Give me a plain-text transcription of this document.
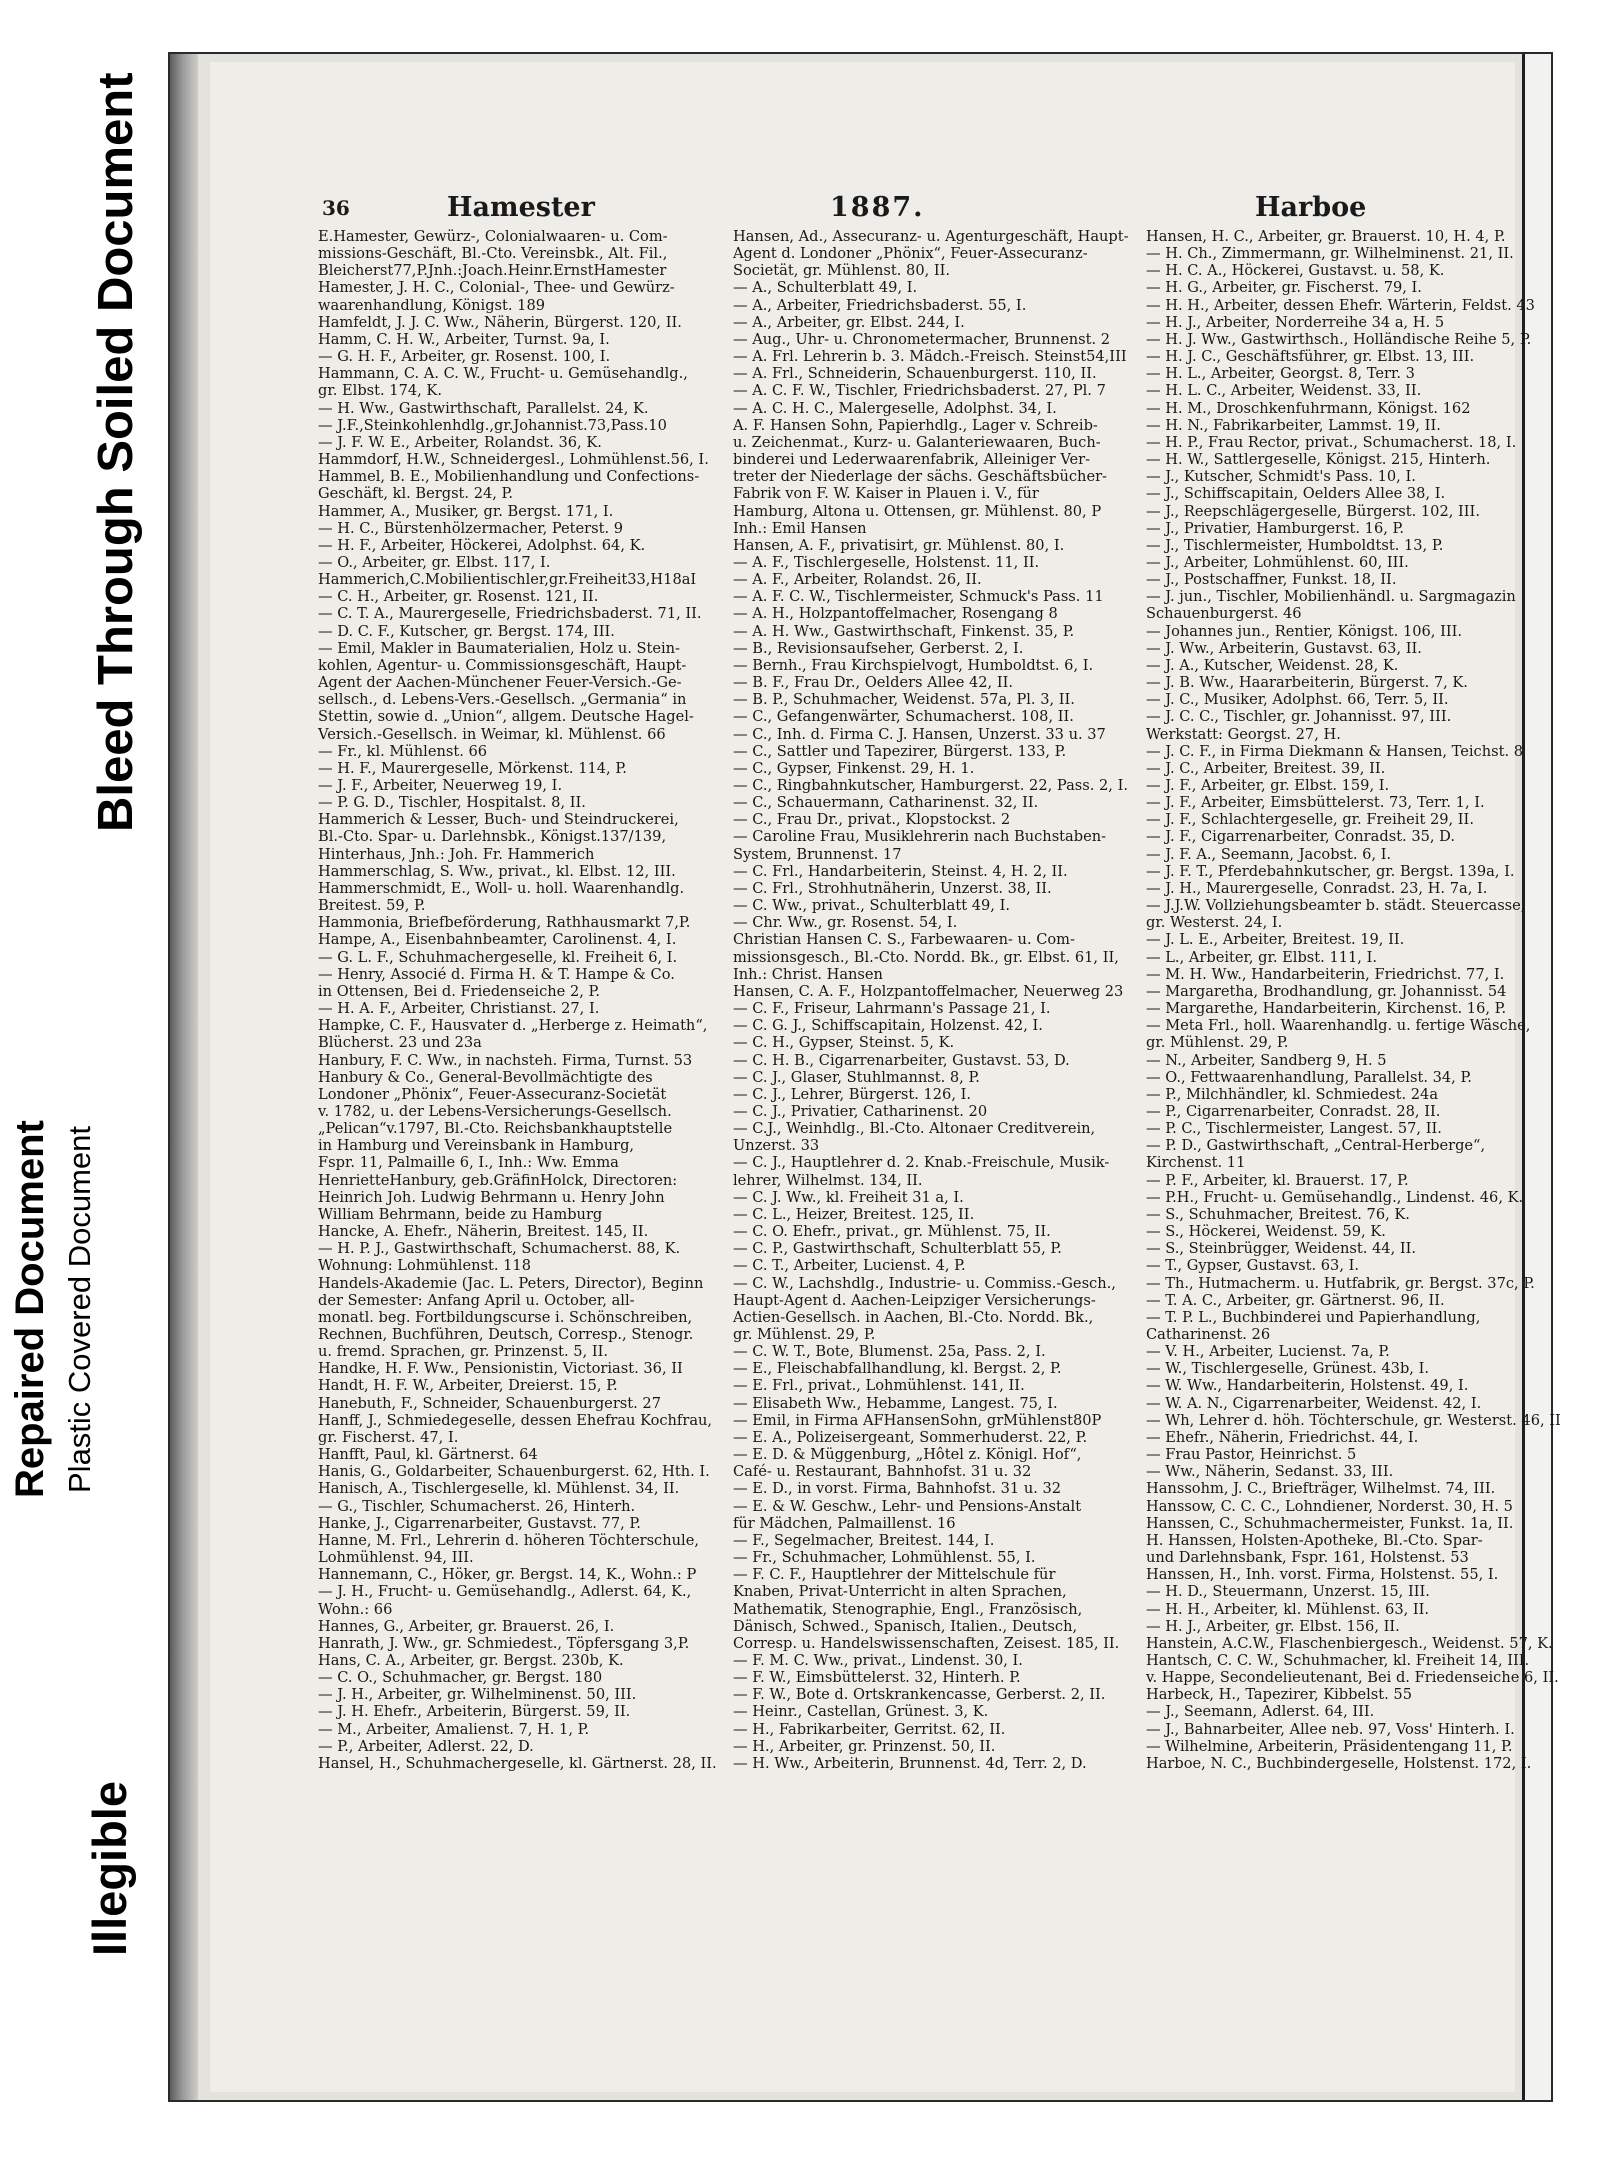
36	Hamester	1887.	Harboe
E.Hamester, Gewürz-, Colonialwaaren- u. Com-
missions-Geschäft, Bl.-Cto. Vereinsbk., Alt. Fil.,
Bleicherst77,P.Jnh.:Joach.Heinr.ErnstHamester
Hamester, J. H. C., Colonial-, Thee- und Gewürz-
waarenhandlung, Königst. 189
Hamfeldt, J. J. C. Ww., Näherin, Bürgerst. 120, II.
Hamm, C. H. W., Arbeiter, Turnst. 9a, I.
— G. H. F., Arbeiter, gr. Rosenst. 100, I.
Hammann, C. A. C. W., Frucht- u. Gemüsehandlg.,
gr. Elbst. 174, K.
— H. Ww., Gastwirthschaft, Parallelst. 24, K.
— J.F.,Steinkohlenhdlg.,gr.Johannist.73,Pass.10
— J. F. W. E., Arbeiter, Rolandst. 36, K.
Hammdorf, H.W., Schneidergesl., Lohmühlenst.56, I.
Hammel, B. E., Mobilienhandlung und Confections-
Geschäft, kl. Bergst. 24, P.
Hammer, A., Musiker, gr. Bergst. 171, I.
— H. C., Bürstenhölzermacher, Peterst. 9
— H. F., Arbeiter, Höckerei, Adolphst. 64, K.
— O., Arbeiter, gr. Elbst. 117, I.
Hammerich,C.Mobilientischler,gr.Freiheit33,H18aI
— C. H., Arbeiter, gr. Rosenst. 121, II.
— C. T. A., Maurergeselle, Friedrichsbaderst. 71, II.
— D. C. F., Kutscher, gr. Bergst. 174, III.
— Emil, Makler in Baumaterialien, Holz u. Stein-
kohlen, Agentur- u. Commissionsgeschäft, Haupt-
Agent der Aachen-Münchener Feuer-Versich.-Ge-
sellsch., d. Lebens-Vers.-Gesellsch. „Germania“ in
Stettin, sowie d. „Union“, allgem. Deutsche Hagel-
Versich.-Gesellsch. in Weimar, kl. Mühlenst. 66
— Fr., kl. Mühlenst. 66
— H. F., Maurergeselle, Mörkenst. 114, P.
— J. F., Arbeiter, Neuerweg 19, I.
— P. G. D., Tischler, Hospitalst. 8, II.
Hammerich & Lesser, Buch- und Steindruckerei,
Bl.-Cto. Spar- u. Darlehnsbk., Königst.137/139,
Hinterhaus, Jnh.: Joh. Fr. Hammerich
Hammerschlag, S. Ww., privat., kl. Elbst. 12, III.
Hammerschmidt, E., Woll- u. holl. Waarenhandlg.
Breitest. 59, P.
Hammonia, Briefbeförderung, Rathhausmarkt 7,P.
Hampe, A., Eisenbahnbeamter, Carolinenst. 4, I.
— G. L. F., Schuhmachergeselle, kl. Freiheit 6, I.
— Henry, Associé d. Firma H. & T. Hampe & Co.
in Ottensen, Bei d. Friedenseiche 2, P.
— H. A. F., Arbeiter, Christianst. 27, I.
Hampke, C. F., Hausvater d. „Herberge z. Heimath“,
Blücherst. 23 und 23a
Hanbury, F. C. Ww., in nachsteh. Firma, Turnst. 53
Hanbury & Co., General-Bevollmächtigte des
Londoner „Phönix“, Feuer-Assecuranz-Societät
v. 1782, u. der Lebens-Versicherungs-Gesellsch.
„Pelican“v.1797, Bl.-Cto. Reichsbankhauptstelle
in Hamburg und Vereinsbank in Hamburg,
Fspr. 11, Palmaille 6, I., Inh.: Ww. Emma
HenrietteHanbury, geb.GräfinHolck, Directoren:
Heinrich Joh. Ludwig Behrmann u. Henry John
William Behrmann, beide zu Hamburg
Hancke, A. Ehefr., Näherin, Breitest. 145, II.
— H. P. J., Gastwirthschaft, Schumacherst. 88, K.
Wohnung: Lohmühlenst. 118
Handels-Akademie (Jac. L. Peters, Director), Beginn
der Semester: Anfang April u. October, all-
monatl. beg. Fortbildungscurse i. Schönschreiben,
Rechnen, Buchführen, Deutsch, Corresp., Stenogr.
u. fremd. Sprachen, gr. Prinzenst. 5, II.
Handke, H. F. Ww., Pensionistin, Victoriast. 36, II
Handt, H. F. W., Arbeiter, Dreierst. 15, P.
Hanebuth, F., Schneider, Schauenburgerst. 27
Hanff, J., Schmiedegeselle, dessen Ehefrau Kochfrau,
gr. Fischerst. 47, I.
Hanfft, Paul, kl. Gärtnerst. 64
Hanis, G., Goldarbeiter, Schauenburgerst. 62, Hth. I.
Hanisch, A., Tischlergeselle, kl. Mühlenst. 34, II.
— G., Tischler, Schumacherst. 26, Hinterh.
Hanke, J., Cigarrenarbeiter, Gustavst. 77, P.
Hanne, M. Frl., Lehrerin d. höheren Töchterschule,
Lohmühlenst. 94, III.
Hannemann, C., Höker, gr. Bergst. 14, K., Wohn.: P
— J. H., Frucht- u. Gemüsehandlg., Adlerst. 64, K.,
Wohn.: 66
Hannes, G., Arbeiter, gr. Brauerst. 26, I.
Hanrath, J. Ww., gr. Schmiedest., Töpfersgang 3,P.
Hans, C. A., Arbeiter, gr. Bergst. 230b, K.
— C. O., Schuhmacher, gr. Bergst. 180
— J. H., Arbeiter, gr. Wilhelminenst. 50, III.
— J. H. Ehefr., Arbeiterin, Bürgerst. 59, II.
— M., Arbeiter, Amalienst. 7, H. 1, P.
— P., Arbeiter, Adlerst. 22, D.
Hansel, H., Schuhmachergeselle, kl. Gärtnerst. 28, II.
Hansen, Ad., Assecuranz- u. Agenturgeschäft, Haupt-
Agent d. Londoner „Phönix“, Feuer-Assecuranz-
Societät, gr. Mühlenst. 80, II.
— A., Schulterblatt 49, I.
— A., Arbeiter, Friedrichsbaderst. 55, I.
— A., Arbeiter, gr. Elbst. 244, I.
— Aug., Uhr- u. Chronometermacher, Brunnenst. 2
— A. Frl. Lehrerin b. 3. Mädch.-Freisch. Steinst54,III
— A. Frl., Schneiderin, Schauenburgerst. 110, II.
— A. C. F. W., Tischler, Friedrichsbaderst. 27, Pl. 7
— A. C. H. C., Malergeselle, Adolphst. 34, I.
A. F. Hansen Sohn, Papierhdlg., Lager v. Schreib-
u. Zeichenmat., Kurz- u. Galanteriewaaren, Buch-
binderei und Lederwaarenfabrik, Alleiniger Ver-
treter der Niederlage der sächs. Geschäftsbücher-
Fabrik von F. W. Kaiser in Plauen i. V., für
Hamburg, Altona u. Ottensen, gr. Mühlenst. 80, P
Inh.: Emil Hansen
Hansen, A. F., privatisirt, gr. Mühlenst. 80, I.
— A. F., Tischlergeselle, Holstenst. 11, II.
— A. F., Arbeiter, Rolandst. 26, II.
— A. F. C. W., Tischlermeister, Schmuck's Pass. 11
— A. H., Holzpantoffelmacher, Rosengang 8
— A. H. Ww., Gastwirthschaft, Finkenst. 35, P.
— B., Revisionsaufseher, Gerberst. 2, I.
— Bernh., Frau Kirchspielvogt, Humboldtst. 6, I.
— B. F., Frau Dr., Oelders Allee 42, II.
— B. P., Schuhmacher, Weidenst. 57a, Pl. 3, II.
— C., Gefangenwärter, Schumacherst. 108, II.
— C., Inh. d. Firma C. J. Hansen, Unzerst. 33 u. 37
— C., Sattler und Tapezirer, Bürgerst. 133, P.
— C., Gypser, Finkenst. 29, H. 1.
— C., Ringbahnkutscher, Hamburgerst. 22, Pass. 2, I.
— C., Schauermann, Catharinenst. 32, II.
— C., Frau Dr., privat., Klopstockst. 2
— Caroline Frau, Musiklehrerin nach Buchstaben-
System, Brunnenst. 17
— C. Frl., Handarbeiterin, Steinst. 4, H. 2, II.
— C. Frl., Strohhutnäherin, Unzerst. 38, II.
— C. Ww., privat., Schulterblatt 49, I.
— Chr. Ww., gr. Rosenst. 54, I.
Christian Hansen C. S., Farbewaaren- u. Com-
missionsgesch., Bl.-Cto. Nordd. Bk., gr. Elbst. 61, II,
Inh.: Christ. Hansen
Hansen, C. A. F., Holzpantoffelmacher, Neuerweg 23
— C. F., Friseur, Lahrmann's Passage 21, I.
— C. G. J., Schiffscapitain, Holzenst. 42, I.
— C. H., Gypser, Steinst. 5, K.
— C. H. B., Cigarrenarbeiter, Gustavst. 53, D.
— C. J., Glaser, Stuhlmannst. 8, P.
— C. J., Lehrer, Bürgerst. 126, I.
— C. J., Privatier, Catharinenst. 20
— C.J., Weinhdlg., Bl.-Cto. Altonaer Creditverein,
Unzerst. 33
— C. J., Hauptlehrer d. 2. Knab.-Freischule, Musik-
lehrer, Wilhelmst. 134, II.
— C. J. Ww., kl. Freiheit 31 a, I.
— C. L., Heizer, Breitest. 125, II.
— C. O. Ehefr., privat., gr. Mühlenst. 75, II.
— C. P., Gastwirthschaft, Schulterblatt 55, P.
— C. T., Arbeiter, Lucienst. 4, P.
— C. W., Lachshdlg., Industrie- u. Commiss.-Gesch.,
Haupt-Agent d. Aachen-Leipziger Versicherungs-
Actien-Gesellsch. in Aachen, Bl.-Cto. Nordd. Bk.,
gr. Mühlenst. 29, P.
— C. W. T., Bote, Blumenst. 25a, Pass. 2, I.
— E., Fleischabfallhandlung, kl. Bergst. 2, P.
— E. Frl., privat., Lohmühlenst. 141, II.
— Elisabeth Ww., Hebamme, Langest. 75, I.
— Emil, in Firma AFHansenSohn, grMühlenst80P
— E. A., Polizeisergeant, Sommerhuderst. 22, P.
— E. D. & Müggenburg, „Hôtel z. Königl. Hof“,
Café- u. Restaurant, Bahnhofst. 31 u. 32
— E. D., in vorst. Firma, Bahnhofst. 31 u. 32
— E. & W. Geschw., Lehr- und Pensions-Anstalt
für Mädchen, Palmaillenst. 16
— F., Segelmacher, Breitest. 144, I.
— Fr., Schuhmacher, Lohmühlenst. 55, I.
— F. C. F., Hauptlehrer der Mittelschule für
Knaben, Privat-Unterricht in alten Sprachen,
Mathematik, Stenographie, Engl., Französisch,
Dänisch, Schwed., Spanisch, Italien., Deutsch,
Corresp. u. Handelswissenschaften, Zeisest. 185, II.
— F. M. C. Ww., privat., Lindenst. 30, I.
— F. W., Eimsbüttelerst. 32, Hinterh. P.
— F. W., Bote d. Ortskrankencasse, Gerberst. 2, II.
— Heinr., Castellan, Grünest. 3, K.
— H., Fabrikarbeiter, Gerritst. 62, II.
— H., Arbeiter, gr. Prinzenst. 50, II.
— H. Ww., Arbeiterin, Brunnenst. 4d, Terr. 2, D.
Hansen, H. C., Arbeiter, gr. Brauerst. 10, H. 4, P.
— H. Ch., Zimmermann, gr. Wilhelminenst. 21, II.
— H. C. A., Höckerei, Gustavst. u. 58, K.
— H. G., Arbeiter, gr. Fischerst. 79, I.
— H. H., Arbeiter, dessen Ehefr. Wärterin, Feldst. 43
— H. J., Arbeiter, Norderreihe 34 a, H. 5
— H. J. Ww., Gastwirthsch., Holländische Reihe 5, P.
— H. J. C., Geschäftsführer, gr. Elbst. 13, III.
— H. L., Arbeiter, Georgst. 8, Terr. 3
— H. L. C., Arbeiter, Weidenst. 33, II.
— H. M., Droschkenfuhrmann, Königst. 162
— H. N., Fabrikarbeiter, Lammst. 19, II.
— H. P., Frau Rector, privat., Schumacherst. 18, I.
— H. W., Sattlergeselle, Königst. 215, Hinterh.
— J., Kutscher, Schmidt's Pass. 10, I.
— J., Schiffscapitain, Oelders Allee 38, I.
— J., Reepschlägergeselle, Bürgerst. 102, III.
— J., Privatier, Hamburgerst. 16, P.
— J., Tischlermeister, Humboldtst. 13, P.
— J., Arbeiter, Lohmühlenst. 60, III.
— J., Postschaffner, Funkst. 18, II.
— J. jun., Tischler, Mobilienhändl. u. Sargmagazin
Schauenburgerst. 46
— Johannes jun., Rentier, Königst. 106, III.
— J. Ww., Arbeiterin, Gustavst. 63, II.
— J. A., Kutscher, Weidenst. 28, K.
— J. B. Ww., Haararbeiterin, Bürgerst. 7, K.
— J. C., Musiker, Adolphst. 66, Terr. 5, II.
— J. C. C., Tischler, gr. Johannisst. 97, III.
Werkstatt: Georgst. 27, H.
— J. C. F., in Firma Diekmann & Hansen, Teichst. 8
— J. C., Arbeiter, Breitest. 39, II.
— J. F., Arbeiter, gr. Elbst. 159, I.
— J. F., Arbeiter, Eimsbüttelerst. 73, Terr. 1, I.
— J. F., Schlachtergeselle, gr. Freiheit 29, II.
— J. F., Cigarrenarbeiter, Conradst. 35, D.
— J. F. A., Seemann, Jacobst. 6, I.
— J. F. T., Pferdebahnkutscher, gr. Bergst. 139a, I.
— J. H., Maurergeselle, Conradst. 23, H. 7a, I.
— J.J.W. Vollziehungsbeamter b. städt. Steuercasse,
gr. Westerst. 24, I.
— J. L. E., Arbeiter, Breitest. 19, II.
— L., Arbeiter, gr. Elbst. 111, I.
— M. H. Ww., Handarbeiterin, Friedrichst. 77, I.
— Margaretha, Brodhandlung, gr. Johannisst. 54
— Margarethe, Handarbeiterin, Kirchenst. 16, P.
— Meta Frl., holl. Waarenhandlg. u. fertige Wäsche,
gr. Mühlenst. 29, P.
— N., Arbeiter, Sandberg 9, H. 5
— O., Fettwaarenhandlung, Parallelst. 34, P.
— P., Milchhändler, kl. Schmiedest. 24a
— P., Cigarrenarbeiter, Conradst. 28, II.
— P. C., Tischlermeister, Langest. 57, II.
— P. D., Gastwirthschaft, „Central-Herberge“,
Kirchenst. 11
— P. F., Arbeiter, kl. Brauerst. 17, P.
— P.H., Frucht- u. Gemüsehandlg., Lindenst. 46, K.
— S., Schuhmacher, Breitest. 76, K.
— S., Höckerei, Weidenst. 59, K.
— S., Steinbrügger, Weidenst. 44, II.
— T., Gypser, Gustavst. 63, I.
— Th., Hutmacherm. u. Hutfabrik, gr. Bergst. 37c, P.
— T. A. C., Arbeiter, gr. Gärtnerst. 96, II.
— T. P. L., Buchbinderei und Papierhandlung,
Catharinenst. 26
— V. H., Arbeiter, Lucienst. 7a, P.
— W., Tischlergeselle, Grünest. 43b, I.
— W. Ww., Handarbeiterin, Holstenst. 49, I.
— W. A. N., Cigarrenarbeiter, Weidenst. 42, I.
— Wh, Lehrer d. höh. Töchterschule, gr. Westerst. 46, II
— Ehefr., Näherin, Friedrichst. 44, I.
— Frau Pastor, Heinrichst. 5
— Ww., Näherin, Sedanst. 33, III.
Hanssohm, J. C., Briefträger, Wilhelmst. 74, III.
Hanssow, C. C. C., Lohndiener, Norderst. 30, H. 5
Hanssen, C., Schuhmachermeister, Funkst. 1a, II.
H. Hanssen, Holsten-Apotheke, Bl.-Cto. Spar-
und Darlehnsbank, Fspr. 161, Holstenst. 53
Hanssen, H., Inh. vorst. Firma, Holstenst. 55, I.
— H. D., Steuermann, Unzerst. 15, III.
— H. H., Arbeiter, kl. Mühlenst. 63, II.
— H. J., Arbeiter, gr. Elbst. 156, II.
Hanstein, A.C.W., Flaschenbiergesch., Weidenst. 57, K.
Hantsch, C. C. W., Schuhmacher, kl. Freiheit 14, III.
v. Happe, Secondelieutenant, Bei d. Friedenseiche 6, II.
Harbeck, H., Tapezirer, Kibbelst. 55
— J., Seemann, Adlerst. 64, III.
— J., Bahnarbeiter, Allee neb. 97, Voss' Hinterh. I.
— Wilhelmine, Arbeiterin, Präsidentengang 11, P.
Harboe, N. C., Buchbindergeselle, Holstenst. 172, I.
Repaired Document Plastic Covered Document
Bleed Through Soiled Document
Illegible
